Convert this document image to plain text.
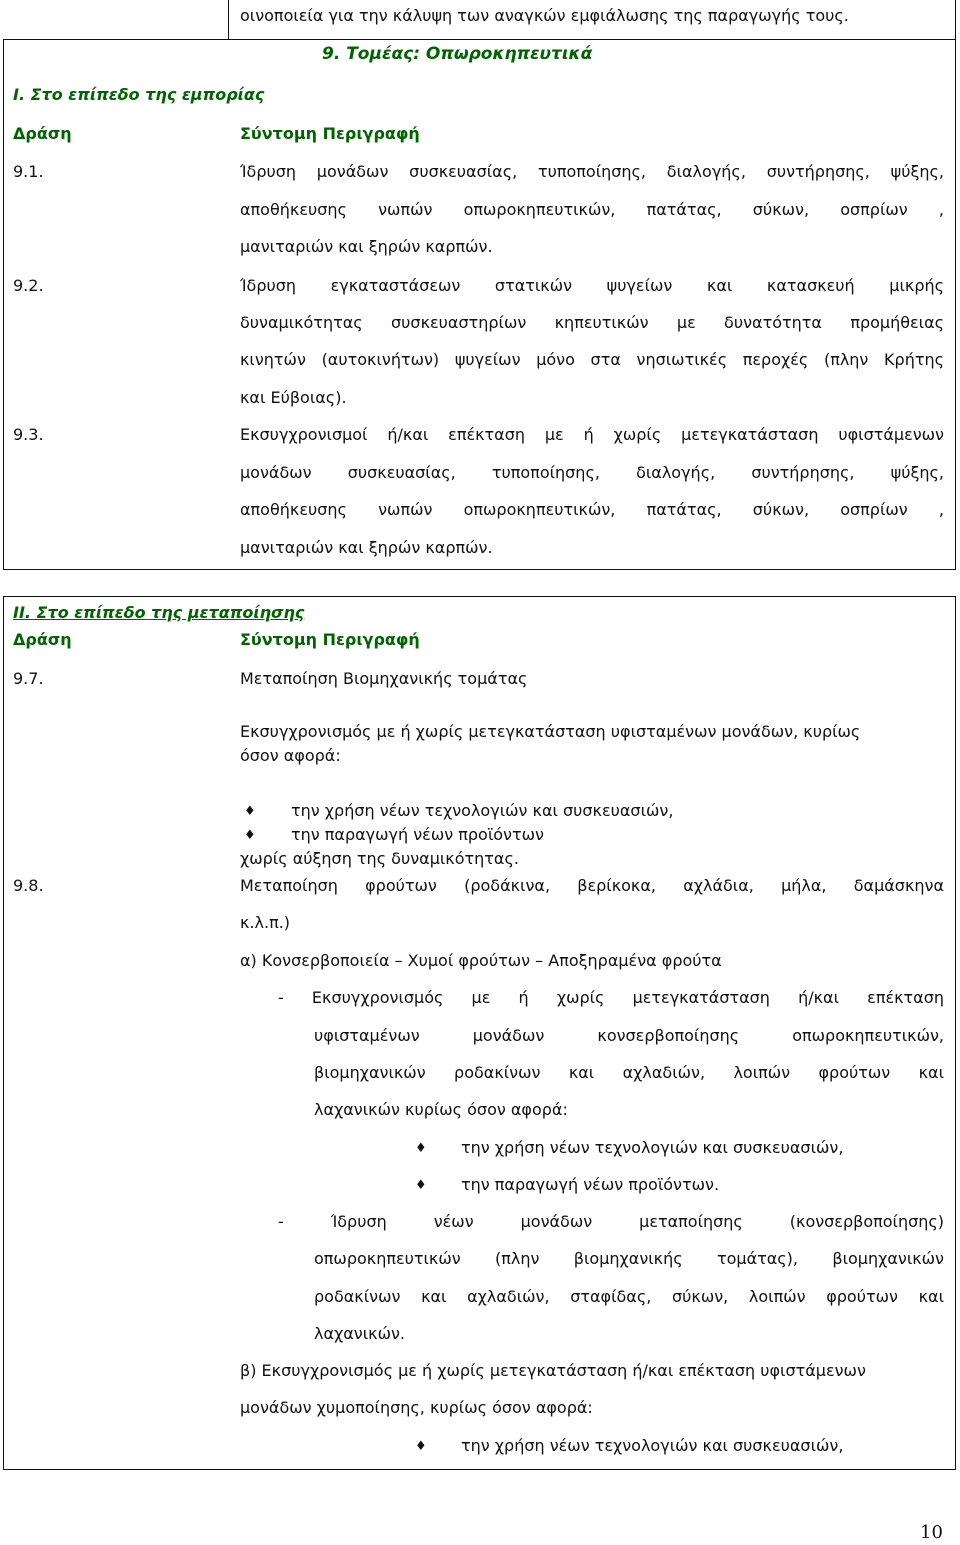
οινοποιεία για την κάλυψη των αναγκών εμφιάλωσης της παραγωγής τους.
9. Τομέας: Οπωροκηπευτικά
Ι. Στο επίπεδο της εμπορίας
Δράση	Σύντομη Περιγραφή
9.1.	Ίδρυση μονάδων συσκευασίας, τυποποίησης, διαλογής, συντήρησης, ψύξης,
αποθήκευσης νωπών οπωροκηπευτικών, πατάτας, σύκων, οσπρίων ,
μανιταριών και ξηρών καρπών.
9.2.	Ίδρυση εγκαταστάσεων στατικών ψυγείων και κατασκευή μικρής
δυναμικότητας συσκευαστηρίων κηπευτικών με δυνατότητα προμήθειας
κινητών (αυτοκινήτων) ψυγείων μόνο στα νησιωτικές περοχές (πλην Κρήτης
και Εύβοιας).
9.3.	Εκσυγχρονισμοί ή/και επέκταση με ή χωρίς μετεγκατάσταση υφιστάμενων
μονάδων συσκευασίας, τυποποίησης, διαλογής, συντήρησης, ψύξης,
αποθήκευσης νωπών οπωροκηπευτικών, πατάτας, σύκων, οσπρίων ,
μανιταριών και ξηρών καρπών.
ΙΙ. Στο επίπεδο της μεταποίησης
Δράση	Σύντομη Περιγραφή
9.7.	Μεταποίηση Βιομηχανικής τομάτας
Εκσυγχρονισμός με ή χωρίς μετεγκατάσταση υφισταμένων μονάδων, κυρίως
όσον αφορά:
♦ την χρήση νέων τεχνολογιών και συσκευασιών,
♦ την παραγωγή νέων προϊόντων
χωρίς αύξηση της δυναμικότητας.
9.8.	Μεταποίηση φρούτων (ροδάκινα, βερίκοκα, αχλάδια, μήλα, δαμάσκηνα
κ.λ.π.)
α) Κονσερβοποιεία – Χυμοί φρούτων – Αποξηραμένα φρούτα
- Εκσυγχρονισμός με ή χωρίς μετεγκατάσταση ή/και επέκταση
υφισταμένων μονάδων κονσερβοποίησης οπωροκηπευτικών,
βιομηχανικών ροδακίνων και αχλαδιών, λοιπών φρούτων και
λαχανικών κυρίως όσον αφορά:
♦ την χρήση νέων τεχνολογιών και συσκευασιών,
♦ την παραγωγή νέων προϊόντων.
- Ίδρυση νέων μονάδων μεταποίησης (κονσερβοποίησης)
οπωροκηπευτικών (πλην βιομηχανικής τομάτας), βιομηχανικών
ροδακίνων και αχλαδιών, σταφίδας, σύκων, λοιπών φρούτων και
λαχανικών.
β) Εκσυγχρονισμός με ή χωρίς μετεγκατάσταση ή/και επέκταση υφιστάμενων
μονάδων χυμοποίησης, κυρίως όσον αφορά:
♦ την χρήση νέων τεχνολογιών και συσκευασιών,
10
